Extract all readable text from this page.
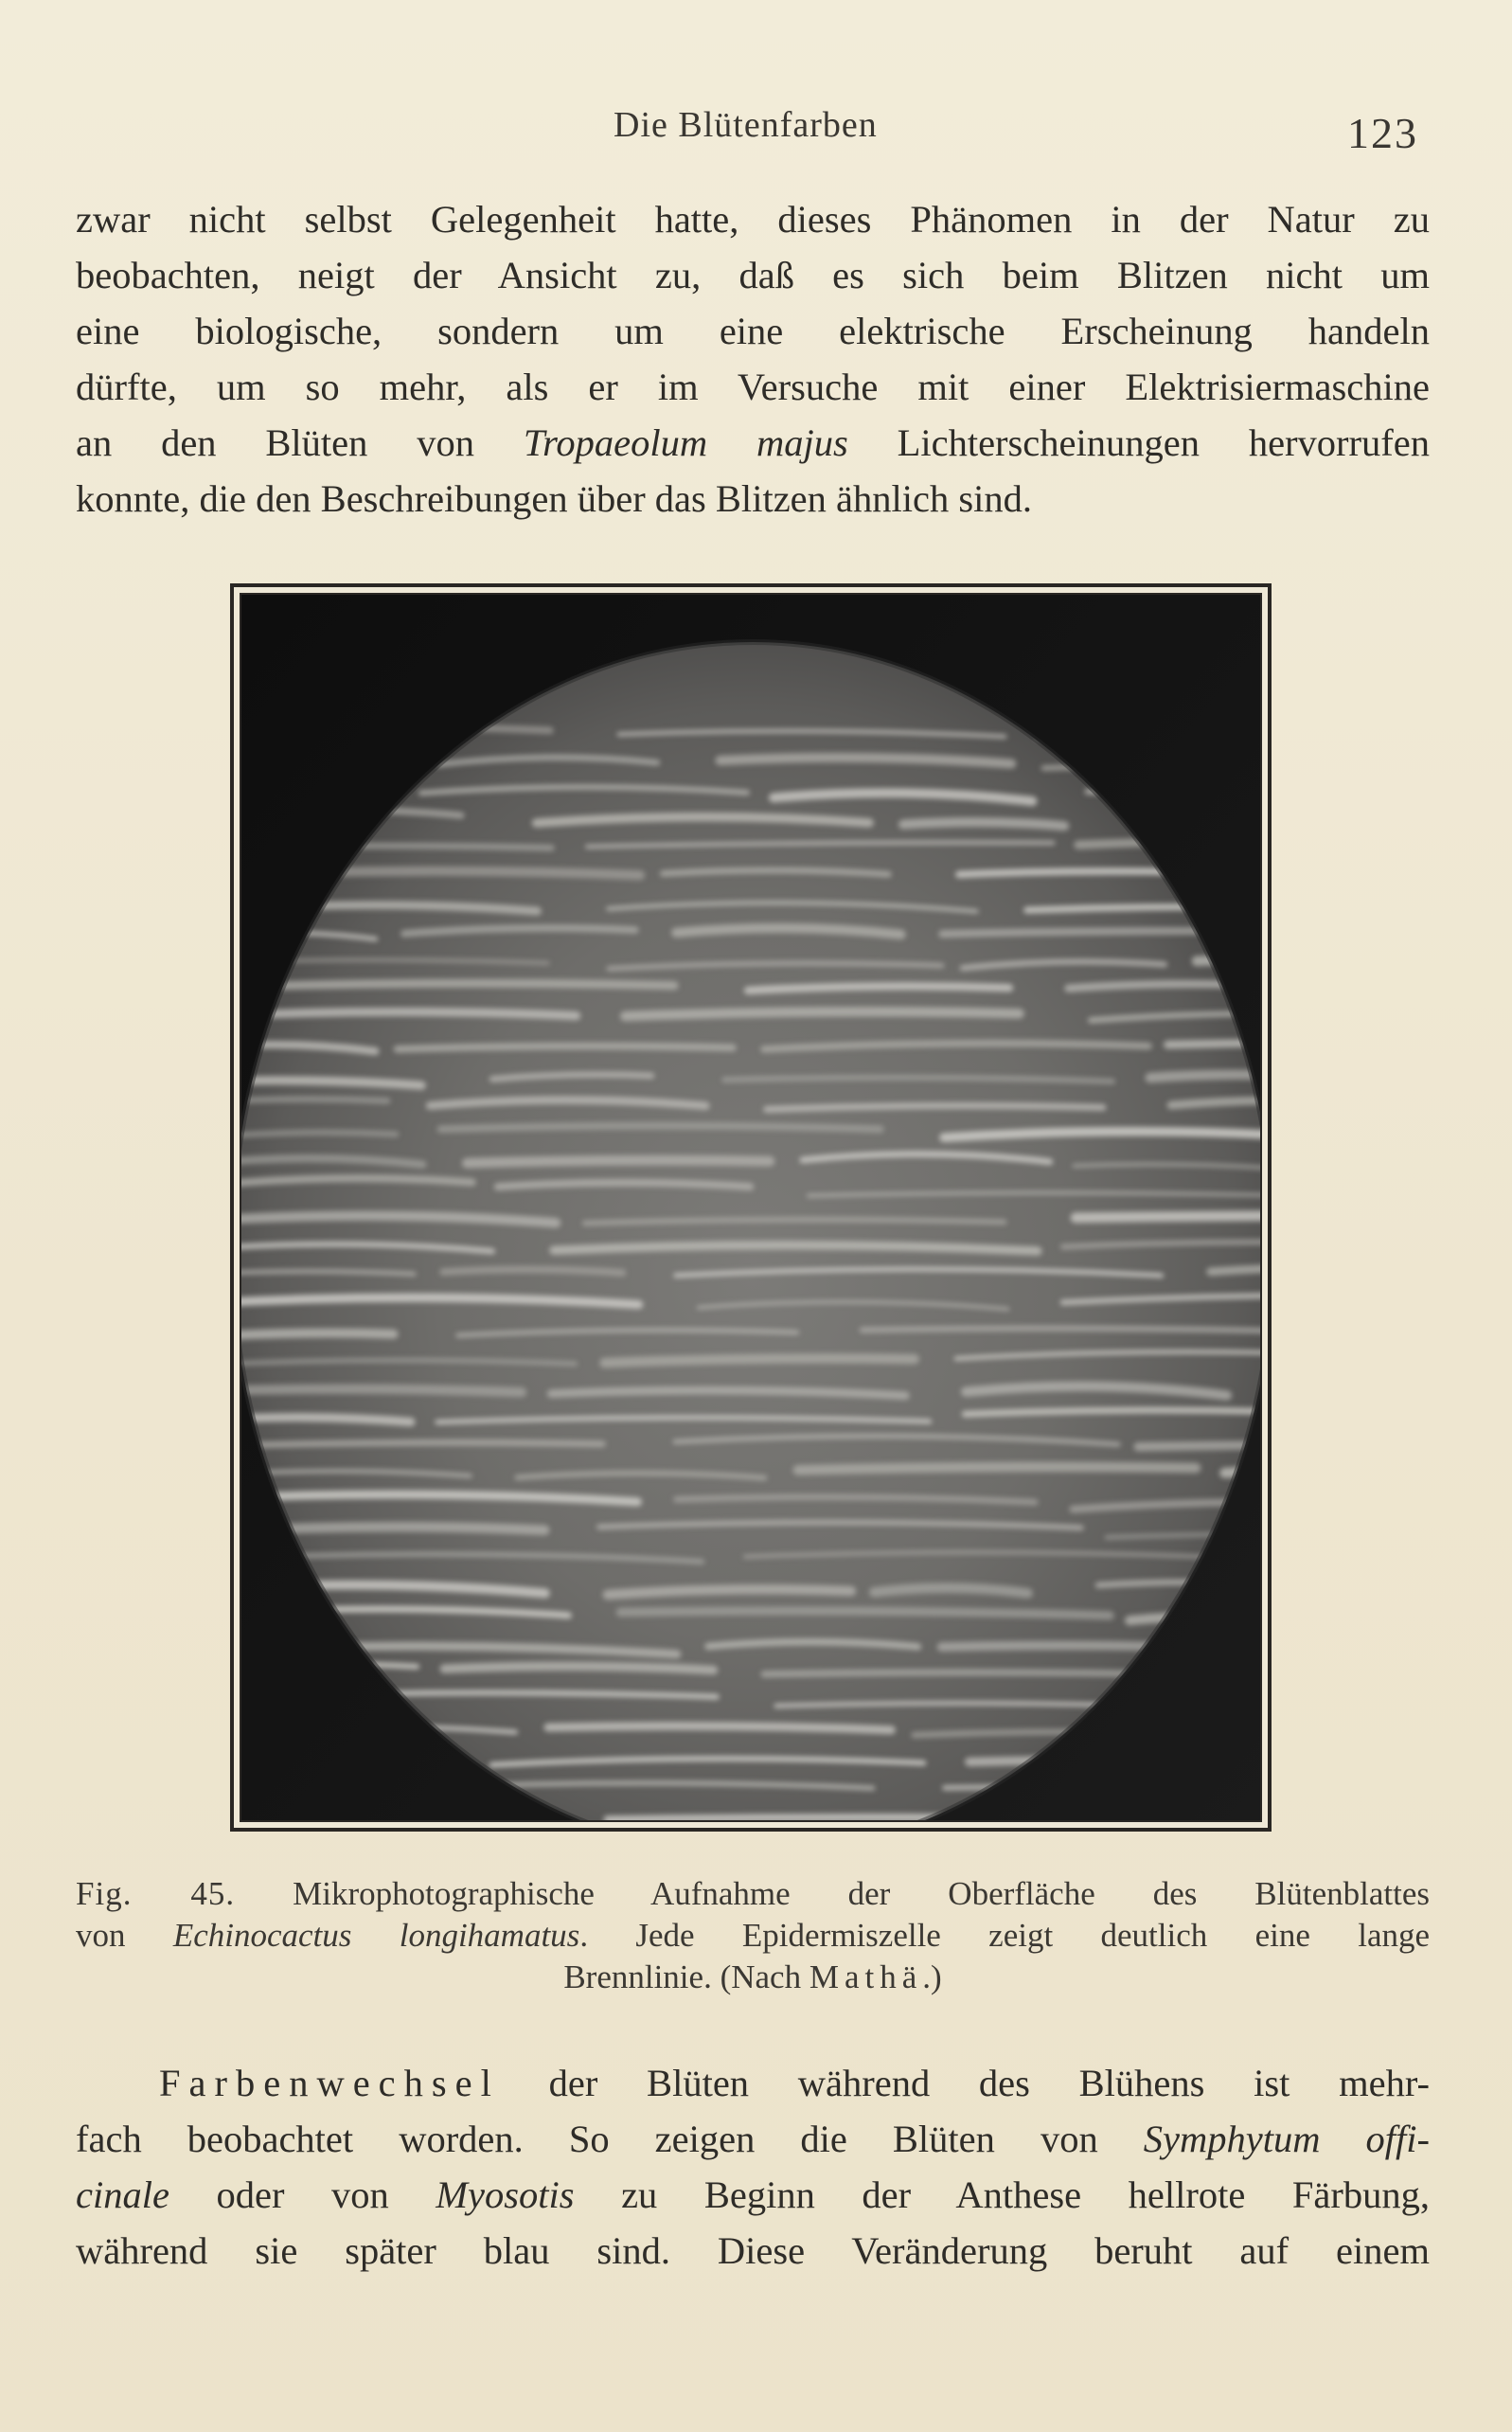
Die Blütenfarben	123
zwar nicht selbst Gelegenheit hatte, dieses Phänomen in der Natur zu
beobachten, neigt der Ansicht zu, daß es sich beim Blitzen nicht um
eine biologische, sondern um eine elektrische Erscheinung handeln
dürfte, um so mehr, als er im Versuche mit einer Elektrisiermaschine
an den Blüten von Tropaeolum majus Lichterscheinungen hervorrufen
konnte, die den Beschreibungen über das Blitzen ähnlich sind.
Fig. 45. Mikrophotographische Aufnahme der Oberfläche des Blütenblattes
von Echinocactus longihamatus. Jede Epidermiszelle zeigt deutlich eine lange
Brennlinie. (Nach Mathä.)
Farbenwechsel der Blüten während des Blühens ist mehr-
fach beobachtet worden. So zeigen die Blüten von Symphytum offi-
cinale oder von Myosotis zu Beginn der Anthese hellrote Färbung,
während sie später blau sind. Diese Veränderung beruht auf einem
